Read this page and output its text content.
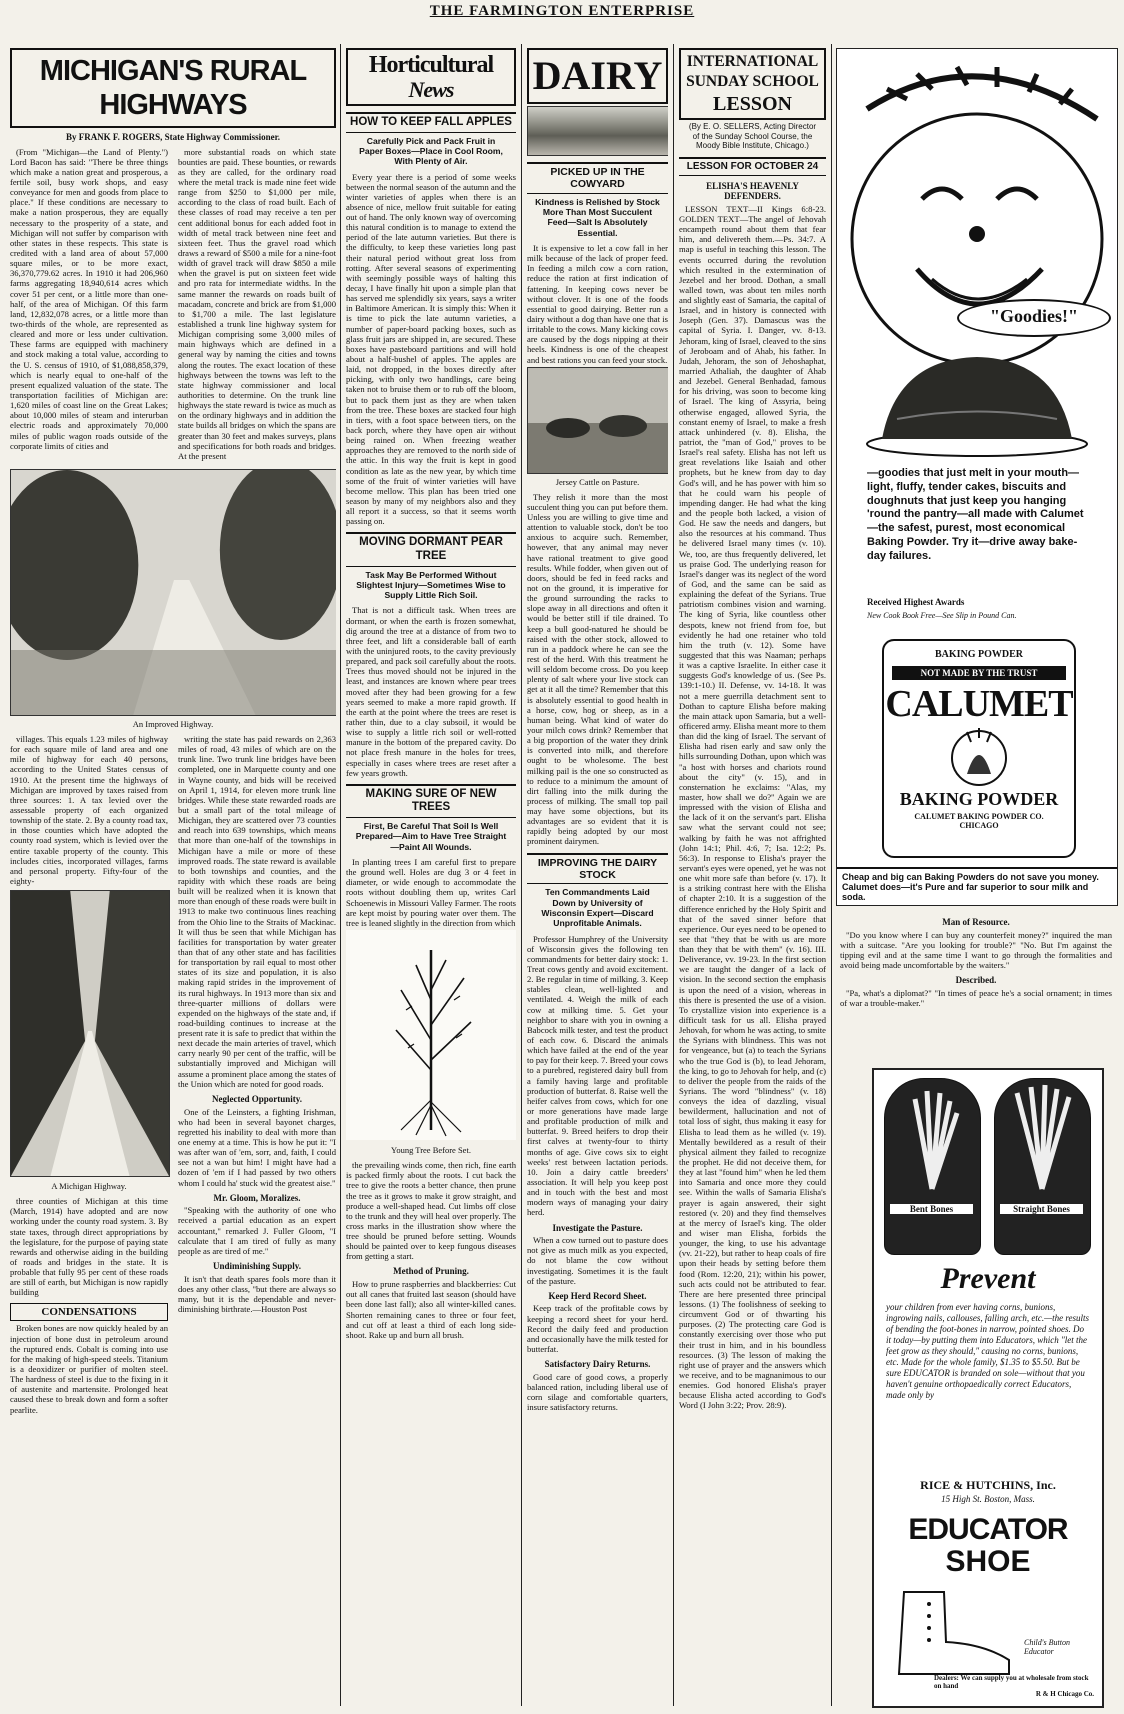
THE FARMINGTON ENTERPRISE
MICHIGAN'S RURAL HIGHWAYS
By FRANK F. ROGERS, State Highway Commissioner.

(From "Michigan—the Land of Plenty.") Lord Bacon has said: "There be three things which make a nation great and prosperous, a fertile soil, busy work shops, and easy conveyance for men and goods from place to place." If these conditions are necessary to make a nation prosperous, they are equally necessary to the prosperity of a state, and Michigan will not suffer by comparison with other states in these respects. This state is credited with a land area of about 57,000 square miles, or to be more exact, 36,370,779.62 acres. In 1910 it had 206,960 farms aggregating 18,940,614 acres which cover 51 per cent, or a little more than one-half, of the area of Michigan. Of this farm land, 12,832,078 acres, or a little more than two-thirds of the whole, are represented as cleared and more or less under cultivation. These farms are equipped with machinery and stock making a total value, according to the U. S. census of 1910, of $1,088,858,379, which is nearly equal to one-half of the present equalized valuation of the state. The transportation facilities of Michigan are: 1,620 miles of coast line on the Great Lakes; about 10,000 miles of steam and interurban electric roads and approximately 70,000 miles of public wagon roads outside of the corporate limits of cities and

more substantial roads on which state bounties are paid. These bounties, or rewards as they are called, for the ordinary road where the metal track is made nine feet wide range from $250 to $1,000 per mile, according to the class of road built. Each of these classes of road may receive a ten per cent additional bonus for each added foot in width of metal track between nine feet and sixteen feet. Thus the gravel road which draws a reward of $500 a mile for a nine-foot width of gravel track will draw $850 a mile when the gravel is put on sixteen feet wide and pro rata for intermediate widths. In the same manner the rewards on roads built of macadam, concrete and brick are from $1,000 to $1,700 a mile. The last legislature established a trunk line highway system for Michigan comprising some 3,000 miles of main highways which are defined in a general way by naming the cities and towns along the routes. The exact location of these highways between the towns was left to the state highway commissioner and local authorities to determine. On the trunk line highways the state reward is twice as much as on the ordinary highways and in addition the state builds all bridges on which the spans are greater than 30 feet and makes surveys, plans and specifications for both roads and bridges. At the present

An Improved Highway.

villages. This equals 1.23 miles of highway for each square mile of land area and one mile of highway for each 40 persons, according to the United States census of 1910. At the present time the highways of Michigan are improved by taxes raised from three sources: 1. A tax levied over the assessable property of each organized township of the state. 2. By a county road tax, in those counties which have adopted the county road system, which is levied over the entire taxable property of the county. This includes cities, incorporated villages, farms and personal property. Fifty-four of the eighty-

A Michigan Highway.

three counties of Michigan at this time (March, 1914) have adopted and are now working under the county road system. 3. By state taxes, through direct appropriations by the legislature, for the purpose of paying state rewards and otherwise aiding in the building of roads and bridges in the state. It is probable that fully 95 per cent of these roads are still of earth, but Michigan is now rapidly building

CONDENSATIONS

Broken bones are now quickly healed by an injection of bone dust in petroleum around the ruptured ends. Cobalt is coming into use for the making of high-speed steels. Titanium is a deoxidizer or purifier of molten steel. The hardness of steel is due to the fixing in it of austenite and martensite. Prolonged heat caused these to break down and form a softer pearlite.

writing the state has paid rewards on 2,363 miles of road, 43 miles of which are on the trunk line. Two trunk line bridges have been completed, one in Marquette county and one in Wayne county, and bids will be received on April 1, 1914, for eleven more trunk line bridges. While these state rewarded roads are but a small part of the total mileage of Michigan, they are scattered over 73 counties and reach into 639 townships, which means that more than one-half of the townships in Michigan have a mile or more of these improved roads. The state reward is available to both townships and counties, and the rapidity with which these roads are being built will be realized when it is known that more than enough of these roads were built in 1913 to make two continuous lines reaching from the Ohio line to the Straits of Mackinac. It will thus be seen that while Michigan has facilities for transportation by water greater than that of any other state and has facilities for transportation by rail equal to most other states of its size and population, it is also making rapid strides in the improvement of its rural highways. In 1913 more than six and three-quarter millions of dollars were expended on the highways of the state and, if road-building continues to increase at the present rate it is safe to predict that within the next decade the main arteries of travel, which carry nearly 90 per cent of the traffic, will be substantially improved and Michigan will assume a prominent place among the states of the Union which are noted for good roads.

Neglected Opportunity.

One of the Leinsters, a fighting Irishman, who had been in several bayonet charges, regretted his inability to deal with more than one enemy at a time. This is how he put it: "I was after wan of 'em, sorr, and, faith, I could see not a wan but him! I might have had a dozen of 'em if I had passed by two others whom I could ha' stuck wid the greatest aise."

Mr. Gloom, Moralizes.

"Speaking with the authority of one who received a partial education as an expert accountant," remarked J. Fuller Gloom, "I calculate that I am tired of fully as many people as are tired of me."

Undiminishing Supply.

It isn't that death spares fools more than it does any other class, "but there are always so many, but it is the dependable and never-diminishing birthrate.—Houston Post

Horticultural
News
HOW TO KEEP FALL APPLES
Carefully Pick and Pack Fruit in Paper Boxes—Place in Cool Room, With Plenty of Air.

Every year there is a period of some weeks between the normal season of the autumn and the winter varieties of apples when there is an absence of nice, mellow fruit suitable for eating out of hand. The only known way of overcoming this natural condition is to manage to extend the period of the late autumn varieties. But there is the difficulty, to keep these varieties long past their natural period without great loss from rotting. After several seasons of experimenting with seemingly possible ways of halting this decay, I have finally hit upon a simple plan that has served me splendidly six years, says a writer in Baltimore American. It is simply this: When it is time to pick the late autumn varieties, a number of paper-board packing boxes, such as glass fruit jars are shipped in, are secured. These boxes have pasteboard partitions and will hold about a half-bushel of apples. The apples are laid, not dropped, in the boxes directly after picking, with only two handlings, care being taken not to bruise them or to rub off the bloom, but to pack them just as they are when taken from the tree. These boxes are stacked four high in tiers, with a foot space between tiers, on the back porch, where they have open air without being rained on. When freezing weather approaches they are removed to the north side of the attic. In this way the fruit is kept in good condition as late as the new year, by which time some of the fruit of winter varieties will have become mellow. This plan has been tried one season by many of my neighbors also and they all report it a success, so that it seems worth passing on.

MOVING DORMANT PEAR TREE
Task May Be Performed Without Slightest Injury—Sometimes Wise to Supply Little Rich Soil.

That is not a difficult task. When trees are dormant, or when the earth is frozen somewhat, dig around the tree at a distance of from two to three feet, and lift a considerable ball of earth with the uninjured roots, to the cavity previously prepared, and pack soil carefully about the roots. Trees thus moved should not be injured in the least, and instances are known where pear trees moved after they had been growing for a few years seemed to make a more rapid growth. If the earth at the point where the trees are reset is rather thin, due to a clay subsoil, it would be wise to supply a little rich soil or well-rotted manure in the bottom of the prepared cavity. Do not place fresh manure in the holes for trees, especially in cases where trees are reset after a few years growth.

MAKING SURE OF NEW TREES
First, Be Careful That Soil Is Well Prepared—Aim to Have Tree Straight—Paint All Wounds.

In planting trees I am careful first to prepare the ground well. Holes are dug 3 or 4 feet in diameter, or wide enough to accommodate the roots without doubling them up, writes Carl Schoenewis in Missouri Valley Farmer. The roots are kept moist by pouring water over them. The tree is leaned slightly in the direction from which

Young Tree Before Set.

the prevailing winds come, then rich, fine earth is packed firmly about the roots. I cut back the tree to give the roots a better chance, then prune the tree as it grows to make it grow straight, and produce a well-shaped head. Cut limbs off close to the trunk and they will heal over properly. The cross marks in the illustration show where the tree should be pruned before setting. Wounds should be painted over to keep fungous diseases from getting a start.

Method of Pruning.

How to prune raspberries and blackberries: Cut out all canes that fruited last season (should have been done last fall); also all winter-killed canes. Shorten remaining canes to three or four feet, and cut off at least a third of each long side-shoot. Rake up and burn all brush.

DAIRY
PICKED UP IN THE COWYARD
Kindness is Relished by Stock More Than Most Succulent Feed—Salt Is Absolutely Essential.

It is expensive to let a cow fall in her milk because of the lack of proper feed. In feeding a milch cow a corn ration, reduce the ration at first indication of fattening. In keeping cows never be without clover. It is one of the foods essential to good dairying. Better run a dairy without a dog than have one that is irritable to the cows. Many kicking cows are caused by the dogs nipping at their heels. Kindness is one of the cheapest and best rations you can feed your stock.

Jersey Cattle on Pasture.

They relish it more than the most succulent thing you can put before them. Unless you are willing to give time and attention to valuable stock, don't be too anxious to acquire such. Remember, however, that any animal may never have rational treatment to give good results. While fodder, when given out of doors, should be fed in feed racks and not on the ground, it is imperative for the ground surrounding the racks to slope away in all directions and often it would be better still if tile drained. To keep a bull good-natured he should be raised with the other stock, allowed to run in a paddock where he can see the rest of the herd. With this treatment he will seldom become cross. Do you keep plenty of salt where your live stock can get at it all the time? Remember that this is absolutely essential to good health in a horse, cow, hog or sheep, as in a human being. What kind of water do your milch cows drink? Remember that a big proportion of the water they drink is converted into milk, and therefore ought to be wholesome. The best milking pail is the one so constructed as to reduce to a minimum the amount of dirt falling into the milk during the process of milking. The small top pail may have some objections, but its advantages are so evident that it is rapidly being adopted by our most prominent dairymen.

IMPROVING THE DAIRY STOCK
Ten Commandments Laid Down by University of Wisconsin Expert—Discard Unprofitable Animals.

Professor Humphrey of the University of Wisconsin gives the following ten commandments for better dairy stock: 1. Treat cows gently and avoid excitement. 2. Be regular in time of milking. 3. Keep stables clean, well-lighted and ventilated. 4. Weigh the milk of each cow at milking time. 5. Get your neighbor to share with you in owning a Babcock milk tester, and test the product of each cow. 6. Discard the animals which have failed at the end of the year to pay for their keep. 7. Breed your cows to a purebred, registered dairy bull from a family having large and profitable production of butterfat. 8. Raise well the heifer calves from cows, which for one or more generations have made large and profitable production of milk and butterfat. 9. Breed heifers to drop their first calves at twenty-four to thirty months of age. Give cows six to eight weeks' rest between lactation periods. 10. Join a dairy cattle breeders' association. It will help you keep post and in touch with the best and most modern ways of managing your dairy herd.

Investigate the Pasture.

When a cow turned out to pasture does not give as much milk as you expected, do not blame the cow without investigating. Sometimes it is the fault of the pasture.

Keep Herd Record Sheet.

Keep track of the profitable cows by keeping a record sheet for your herd. Record the daily feed and production and occasionally have the milk tested for butterfat.

Satisfactory Dairy Returns.

Good care of good cows, a properly balanced ration, including liberal use of corn silage and comfortable quarters, insure satisfactory returns.

INTERNATIONAL
SUNDAY SCHOOL
LESSON
(By E. O. SELLERS, Acting Director of the Sunday School Course, the Moody Bible Institute, Chicago.)
LESSON FOR OCTOBER 24
ELISHA'S HEAVENLY DEFENDERS.

LESSON TEXT—II Kings 6:8-23. GOLDEN TEXT—The angel of Jehovah encampeth round about them that fear him, and delivereth them.—Ps. 34:7. A map is useful in teaching this lesson. The events occurred during the revolution which resulted in the extermination of Jezebel and her brood. Dothan, a small walled town, was about ten miles north and slightly east of Samaria, the capital of Israel, and in history is connected with Joseph (Gen. 37). Damascus was the capital of Syria. I. Danger, vv. 8-13. Jehoram, king of Israel, cleaved to the sins of Jeroboam and of Ahab, his father. In Judah, Jehoram, the son of Jehoshaphat, married Athaliah, the daughter of Ahab and Jezebel. General Benhadad, famous for his driving, was soon to become king of Israel. The king of Assyria, being otherwise engaged, allowed Syria, the constant enemy of Israel, to make a fresh attack unhindered (v. 8). Elisha, the patriot, the "man of God," proves to be Israel's real safety. Elisha has not left us great revelations like Isaiah and other prophets, but he knew from day to day God's will, and he has power with him so that he could warn his people of impending danger. He had what the king and the people both lacked, a vision of God. He saw the needs and dangers, but also the resources at his command. Thus he delivered Israel many times (v. 10). We, too, are thus frequently delivered, let us praise God. The underlying reason for Israel's danger was its neglect of the word of God, and the same can be said as explaining the defeat of the Syrians. True patriotism combines vision and warning. The king of Syria, like countless other despots, knew not friend from foe, but evidently he had one retainer who told him the truth (v. 12). Some have suggested that this was Naaman; perhaps it was a captive Israelite. In either case it suggests God's knowledge of us. (See Ps. 139:1-10.) II. Defense, vv. 14-18. It was not a mere guerrilla detachment sent to Dothan to capture Elisha before making the main attack upon Samaria, but a well-officered army. Elisha meant more to them than did the king of Israel. The servant of Elisha had risen early and saw only the hills surrounding Dothan, upon which was "a host with horses and chariots round about the city" (v. 15), and in consternation he exclaims: "Alas, my master, how shall we do?" Again we are impressed with the vision of Elisha and the lack of it on the servant's part. Elisha saw what the servant could not see; walking by faith he was not affrighted (John 14:1; Phil. 4:6, 7; Isa. 12:2; Ps. 56:3). In response to Elisha's prayer the servant's eyes were opened, yet he was not one whit more safe than before (v. 17). It is a striking contrast here with the Elisha of chapter 2:10. It is a suggestion of the difference enriched by the Holy Spirit and that of the saved sinner before that experience. Our eyes need to be opened to see that "they that be with us are more than they that be with them" (v. 16). III. Deliverance, vv. 19-23. In the first section we are taught the danger of a lack of vision. In the second section the emphasis is upon the need of a vision, whereas in this there is presented the use of a vision. To crystallize vision into experience is a difficult task for us all. Elisha prayed Jehovah, for whom he was acting, to smite the Syrians with blindness. This was not for vengeance, but (a) to teach the Syrians who the true God is (b), to lead Jehoram, the king, to go to Jehovah for help, and (c) to deliver the people from the raids of the Syrians. The word "blindness" (v. 18) conveys the idea of dazzling, visual bewilderment, hallucination and not of total loss of sight, thus making it easy for Elisha to lead them as he willed (v. 19). Mentally bewildered as a result of their physical ailment they failed to recognize the prophet. He did not deceive them, for they at last "found him" when he led them into Samaria and once more they could see. Within the walls of Samaria Elisha's prayer is again answered, their sight restored (v. 20) and they find themselves at the mercy of Israel's king. The older and wiser man Elisha, forbids the younger, the king, to use his advantage (vv. 21-22), but rather to heap coals of fire upon their heads by setting before them food (Rom. 12:20, 21); within his power, such acts could not be attributed to fear. There are here presented three principal lessons. (1) The foolishness of seeking to circumvent God or of thwarting his purposes. (2) The protecting care God is constantly exercising over those who put their trust in him, and in his boundless resources. (3) The lesson of making the right use of prayer and the answers which we receive, and to be magnanimous to our enemies. God honored Elisha's prayer because Elisha acted according to God's Word (I John 3:22; Prov. 28:9).

"Goodies!"
—goodies that just melt in your mouth—light, fluffy, tender cakes, biscuits and doughnuts that just keep you hanging 'round the pantry—all made with Calumet—the safest, purest, most economical Baking Powder. Try it—drive away bake-day failures.
Received Highest Awards
New Cook Book Free—See Slip in Pound Can.
BAKING POWDER
NOT MADE BY THE TRUST
CALUMET
BAKING POWDER
CALUMET BAKING POWDER CO.
CHICAGO
Cheap and big can Baking Powders do not save you money. Calumet does—it's Pure and far superior to sour milk and soda.
Man of Resource.

"Do you know where I can buy any counterfeit money?" inquired the man with a suitcase. "Are you looking for trouble?" "No. But I'm against the tipping evil and at the same time I want to go through the formalities and avoid being made uncomfortable by the waiters."

Described.

"Pa, what's a diplomat?" "In times of peace he's a social ornament; in times of war a trouble-maker."

Bent Bones	Straight Bones
Prevent
your children from ever having corns, bunions, ingrowing nails, callouses, falling arch, etc.—the results of bending the foot-bones in narrow, pointed shoes. Do it today—by putting them into Educators, which "let the feet grow as they should," causing no corns, bunions, etc. Made for the whole family, $1.35 to $5.50. But be sure EDUCATOR is branded on sole—without that you haven't genuine orthopaedically correct Educators, made only by
RICE & HUTCHINS, Inc.
15 High St. Boston, Mass.
EDUCATOR
SHOE
Child's Button Educator
Dealers: We can supply you at wholesale from stock on hand
R & H Chicago Co.
